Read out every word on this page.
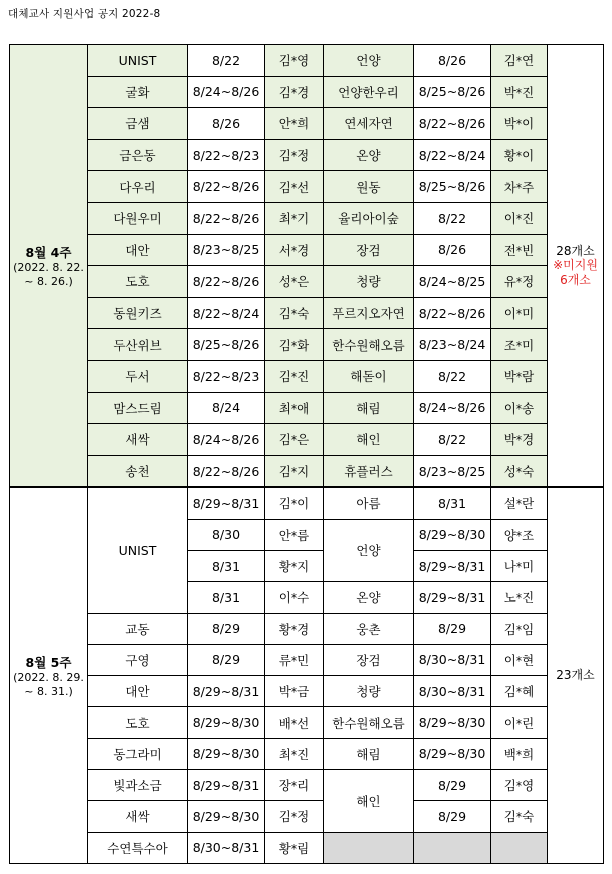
대체교사 지원사업 공지 2022-8
8월 4주
(2022. 8. 22.
~ 8. 26.)	UNIST	8/22	김*영	언양	8/26	김*연	28개소
※미지원
6개소

	굴화	8/24~8/26	김*경	언양한우리	8/25~8/26	박*진	
	금샘	8/26	안*희	연세자연	8/22~8/26	박*이	
	금은동	8/22~8/23	김*정	온양	8/22~8/24	황*이	
	다우리	8/22~8/26	김*선	원동	8/25~8/26	차*주	
	다원우미	8/22~8/26	최*기	율리아이숲	8/22	이*진	
	대안	8/23~8/25	서*경	장검	8/26	전*빈	
	도호	8/22~8/26	성*은	청량	8/24~8/25	유*정	
	동원키즈	8/22~8/24	김*숙	푸르지오자연	8/22~8/26	이*미	
	두산위브	8/25~8/26	김*화	한수원해오름	8/23~8/24	조*미	
	두서	8/22~8/23	김*진	해돋이	8/22	박*람	
	맘스드림	8/24	최*애	해림	8/24~8/26	이*송	
	새싹	8/24~8/26	김*은	해인	8/22	박*경	
	송천	8/22~8/26	김*지	휴플러스	8/23~8/25	성*숙	

8월 5주
(2022. 8. 29.
~ 8. 31.)	UNIST	8/29~8/31	김*이	아름	8/31	설*란	23개소
		8/30	안*름	언양	8/29~8/30	양*조	
		8/31	황*지		8/29~8/31	나*미	
		8/31	이*수	온양	8/29~8/31	노*진	
	교동	8/29	황*경	웅촌	8/29	김*임	
	구영	8/29	류*민	장검	8/30~8/31	이*현	
	대안	8/29~8/31	박*금	청량	8/30~8/31	김*혜	
	도호	8/29~8/30	배*선	한수원해오름	8/29~8/30	이*린	
	동그라미	8/29~8/30	최*진	해림	8/29~8/30	백*희	
	빛과소금	8/29~8/31	장*리	해인	8/29	김*영	
	새싹	8/29~8/30	김*정		8/29	김*숙	
	수연특수아	8/30~8/31	황*림				
